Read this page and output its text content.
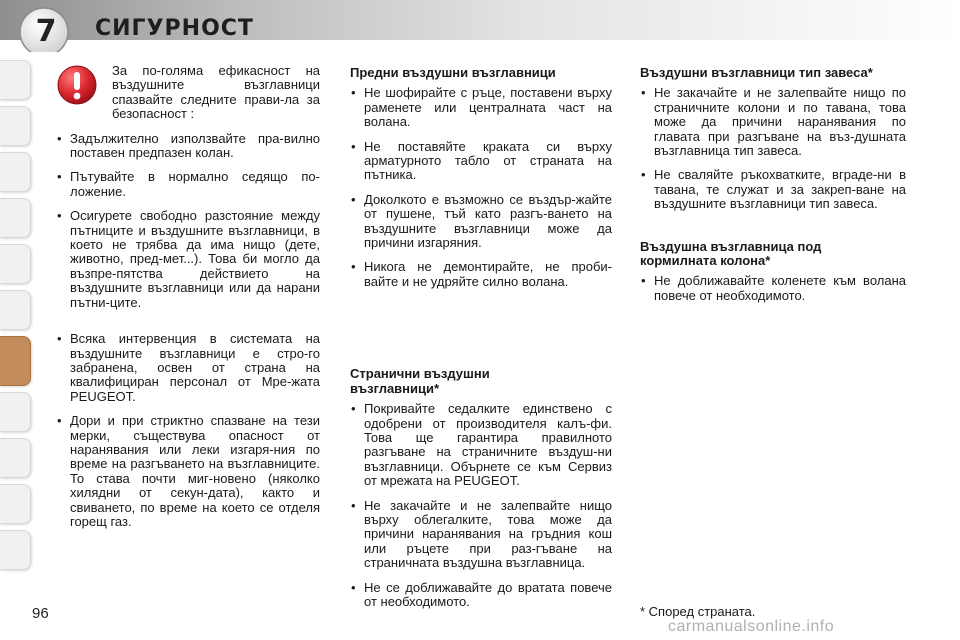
7	СИГУРНОСТ

За по-голяма ефикасност на въздушните възглавници спазвайте следните прави-ла за безопасност :

• Задължително използвайте пра-вилно поставен предпазен колан.
• Пътувайте в нормално седящо по-ложение.
• Осигурете свободно разстояние между пътниците и въздушните възглавници, в което не трябва да има нищо (дете, животно, пред-мет...). Това би могло да възпре-пятства действието на въздушните възглавници или да нарани пътни-ците.
• Всяка интервенция в системата на въздушните възглавници е стро-го забранена, освен от страна на квалифициран персонал от Мре-жата PEUGEOT.
• Дори и при стриктно спазване на тези мерки, съществува опасност от наранявания или леки изгаря-ния по време на разгъването на възглавниците. То става почти миг-новено (няколко хилядни от секун-дата), както и свиването, по време на което се отделя горещ газ.
Предни въздушни възглавници
• Не шофирайте с ръце, поставени върху раменете или централната част на волана.
• Не поставяйте краката си върху арматурното табло от страната на пътника.
• Доколкото е възможно се въздър-жайте от пушене, тъй като разгъ-ването на въздушните възглавници може да причини изгаряния.
• Никога не демонтирайте, не проби-вайте и не удряйте силно волана.
Странични въздушни
възглавници*
• Покривайте седалките единствено с одобрени от производителя калъ-фи. Това ще гарантира правилното разгъване на страничните въздуш-ни възглавници. Обърнете се към Сервиз от мрежата на PEUGEOT.
• Не закачайте и не залепвайте нищо върху облегалките, това може да причини наранявания на гръдния кош или ръцете при раз-гъване на страничната въздушна възглавница.
• Не се доближавайте до вратата повече от необходимото.
Въздушни възглавници тип завеса*
• Не закачайте и не залепвайте нищо по страничните колони и по тавана, това може да причини наранявания по главата при разгъване на въз-душната възглавница тип завеса.
• Не сваляйте ръкохватките, вграде-ни в тавана, те служат и за закреп-ване на въздушните възглавници тип завеса.
Въздушна възглавница под
кормилната колона*
• Не доближавайте коленете към волана повече от необходимото.
96	* Според страната.
carmanualsonline.info
